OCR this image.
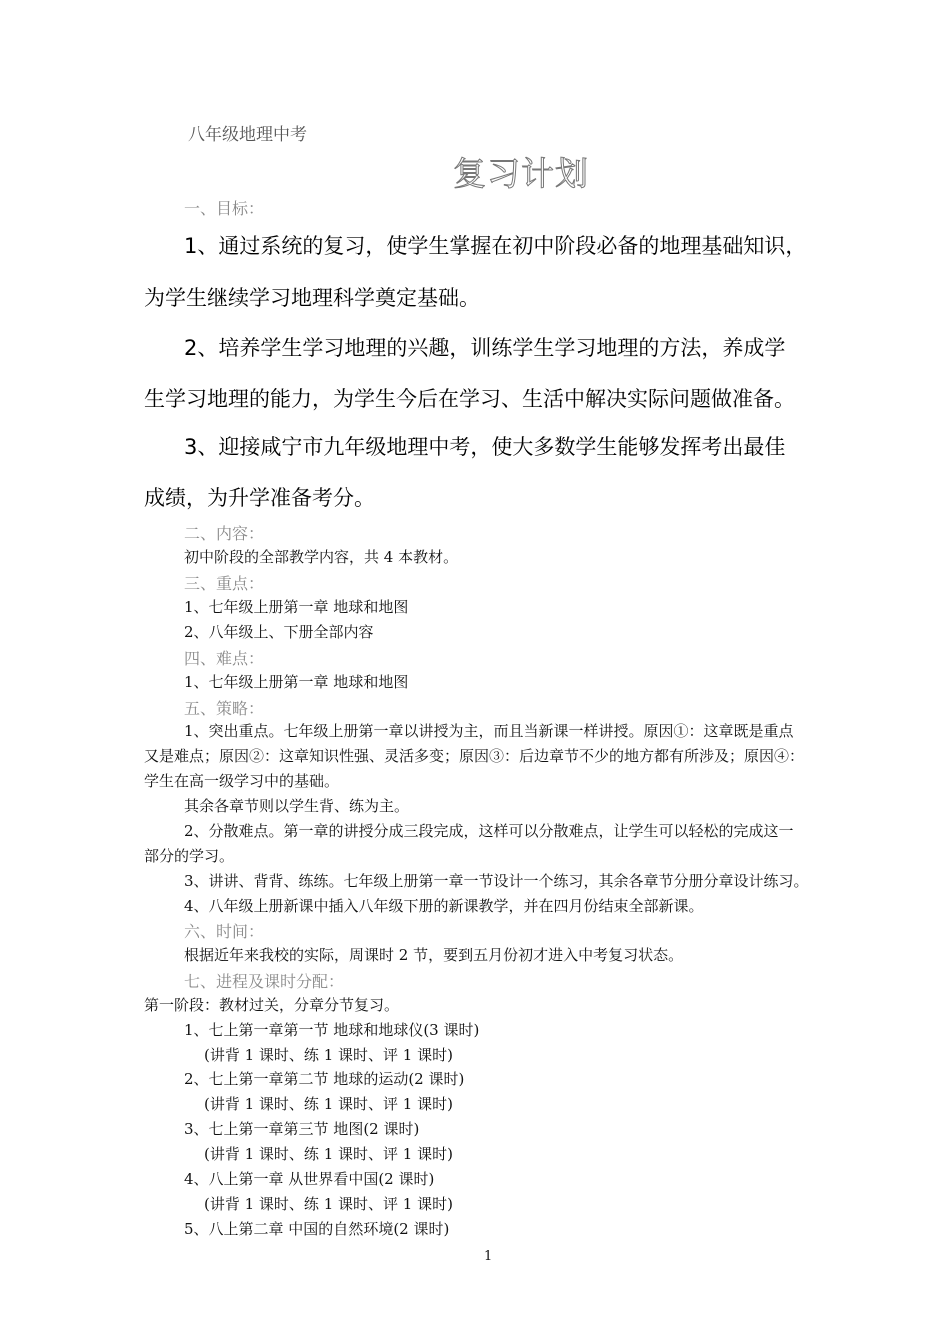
八年级地理中考
复习计划
一、目标：
1、通过系统的复习，使学生掌握在初中阶段必备的地理基础知识，
为学生继续学习地理科学奠定基础。
2、培养学生学习地理的兴趣，训练学生学习地理的方法，养成学
生学习地理的能力，为学生今后在学习、生活中解决实际问题做准备。
3、迎接咸宁市九年级地理中考，使大多数学生能够发挥考出最佳
成绩，为升学准备考分。
二、内容：
初中阶段的全部教学内容，共 4 本教材。
三、重点：
1、七年级上册第一章 地球和地图
2、八年级上、下册全部内容
四、难点：
1、七年级上册第一章 地球和地图
五、策略：
1、突出重点。七年级上册第一章以讲授为主，而且当新课一样讲授。原因①：这章既是重点
又是难点；原因②：这章知识性强、灵活多变；原因③：后边章节不少的地方都有所涉及；原因④：
学生在高一级学习中的基础。
其余各章节则以学生背、练为主。
2、分散难点。第一章的讲授分成三段完成，这样可以分散难点，让学生可以轻松的完成这一
部分的学习。
3、讲讲、背背、练练。七年级上册第一章一节设计一个练习，其余各章节分册分章设计练习。
4、八年级上册新课中插入八年级下册的新课教学，并在四月份结束全部新课。
六、时间：
根据近年来我校的实际，周课时 2 节，要到五月份初才进入中考复习状态。
七、进程及课时分配：
第一阶段：教材过关，分章分节复习。
1、七上第一章第一节 地球和地球仪(3 课时)
(讲背 1 课时、练 1 课时、评 1 课时)
2、七上第一章第二节 地球的运动(2 课时)
(讲背 1 课时、练 1 课时、评 1 课时)
3、七上第一章第三节 地图(2 课时)
(讲背 1 课时、练 1 课时、评 1 课时)
4、八上第一章 从世界看中国(2 课时)
(讲背 1 课时、练 1 课时、评 1 课时)
5、八上第二章 中国的自然环境(2 课时)
1
